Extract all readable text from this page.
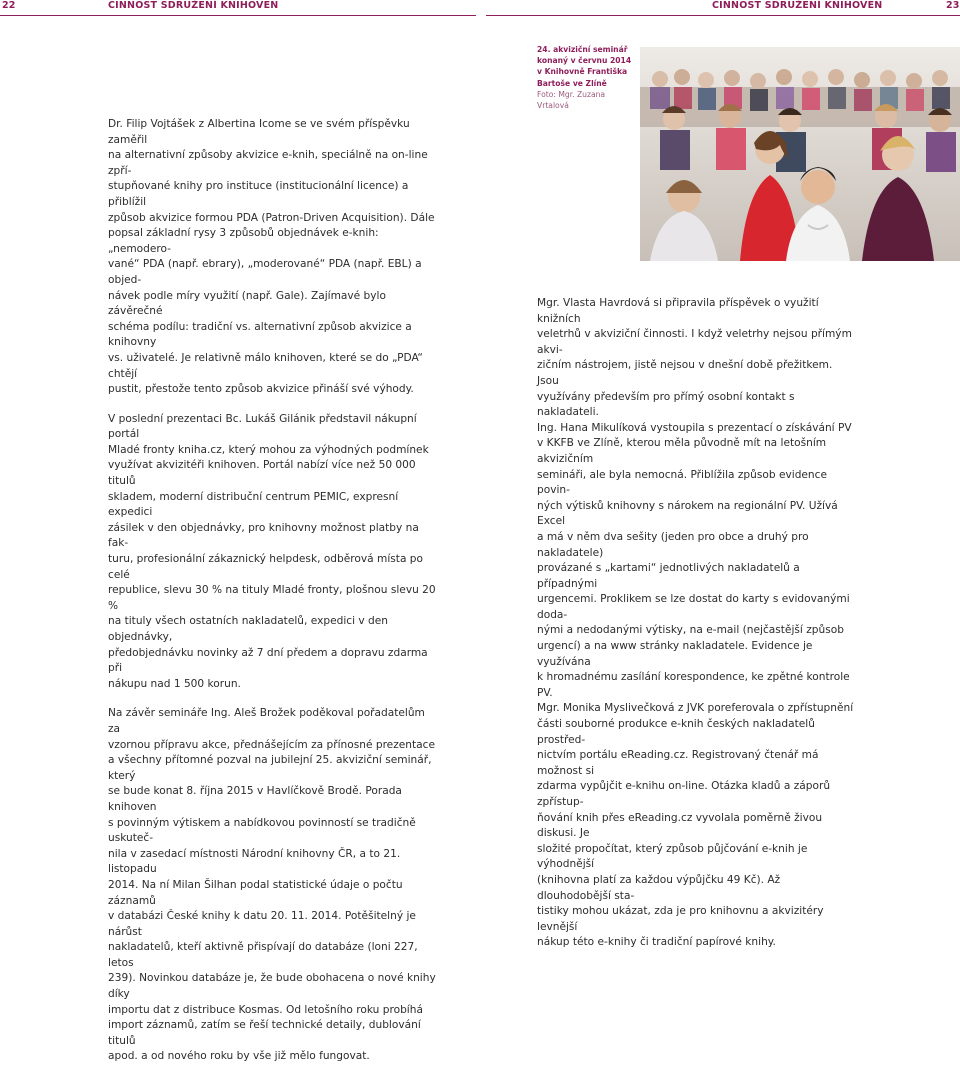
22	ČINNOST SDRUŽENÍ KNIHOVEN	ČINNOST SDRUŽENÍ KNIHOVEN	23

Dr. Filip Vojtášek z Albertina Icome se ve svém příspěvku zaměřil
na alternativní způsoby akvizice e-knih, speciálně na on-line zpří-
stupňované knihy pro instituce (institucionální licence) a přiblížil
způsob akvizice formou PDA (Patron-Driven Acquisition). Dále
popsal základní rysy 3 způsobů objednávek e-knih: „nemodero-
vané“ PDA (např. ebrary), „moderované“ PDA (např. EBL) a objed-
návek podle míry využití (např. Gale). Zajímavé bylo závěrečné
schéma podílu: tradiční vs. alternativní způsob akvizice a knihovny
vs. uživatelé. Je relativně málo knihoven, které se do „PDA“ chtějí
pustit, přestože tento způsob akvizice přináší své výhody.

V poslední prezentaci Bc. Lukáš Gilánik představil nákupní portál
Mladé fronty kniha.cz, který mohou za výhodných podmínek
využívat akvizitéři knihoven. Portál nabízí více než 50 000 titulů
skladem, moderní distribuční centrum PEMIC, expresní expedici
zásilek v den objednávky, pro knihovny možnost platby na fak-
turu, profesionální zákaznický helpdesk, odběrová místa po celé
republice, slevu 30 % na tituly Mladé fronty, plošnou slevu 20 %
na tituly všech ostatních nakladatelů, expedici v den objednávky,
předobjednávku novinky až 7 dní předem a dopravu zdarma při
nákupu nad 1 500 korun.

Na závěr semináře Ing. Aleš Brožek poděkoval pořadatelům za
vzornou přípravu akce, přednášejícím za přínosné prezentace
a všechny přítomné pozval na jubilejní 25. akviziční seminář, který
se bude konat 8. října 2015 v Havlíčkově Brodě. Porada knihoven
s povinným výtiskem a nabídkovou povinností se tradičně uskuteč-
nila v zasedací místnosti Národní knihovny ČR, a to 21. listopadu
2014. Na ní Milan Šilhan podal statistické údaje o počtu záznamů
v databázi České knihy k datu 20. 11. 2014. Potěšitelný je nárůst
nakladatelů, kteří aktivně přispívají do databáze (loni 227, letos
239). Novinkou databáze je, že bude obohacena o nové knihy díky
importu dat z distribuce Kosmas. Od letošního roku probíhá
import záznamů, zatím se řeší technické detaily, dublování titulů
apod. a od nového roku by vše již mělo fungovat.

24. akviziční seminář
konaný v červnu 2014
v Knihovně Františka
Bartoše ve Zlíně
Foto: Mgr. Zuzana
Vrtalová

Mgr. Vlasta Havrdová si připravila příspěvek o využití knižních
veletrhů v akviziční činnosti. I když veletrhy nejsou přímým akvi-
zičním nástrojem, jistě nejsou v dnešní době přežitkem. Jsou
využívány především pro přímý osobní kontakt s nakladateli.
Ing. Hana Mikulíková vystoupila s prezentací o získávání PV
v KKFB ve Zlíně, kterou měla původně mít na letošním akvizičním
semináři, ale byla nemocná. Přiblížila způsob evidence povin-
ných výtisků knihovny s nárokem na regionální PV. Užívá Excel
a má v něm dva sešity (jeden pro obce a druhý pro nakladatele)
provázané s „kartami“ jednotlivých nakladatelů a případnými
urgencemi. Proklikem se lze dostat do karty s evidovanými doda-
nými a nedodanými výtisky, na e-mail (nejčastější způsob
urgencí) a na www stránky nakladatele. Evidence je využívána
k hromadnému zasílání korespondence, ke zpětné kontrole PV.
Mgr. Monika Myslivečková z JVK poreferovala o zpřístupnění
části souborné produkce e-knih českých nakladatelů prostřed-
nictvím portálu eReading.cz. Registrovaný čtenář má možnost si
zdarma vypůjčit e-knihu on-line. Otázka kladů a záporů zpřístup-
ňování knih přes eReading.cz vyvolala poměrně živou diskusi. Je
složité propočítat, který způsob půjčování e-knih je výhodnější
(knihovna platí za každou výpůjčku 49 Kč). Až dlouhodobější sta-
tistiky mohou ukázat, zda je pro knihovnu a akvizitéry levnější
nákup této e-knihy či tradiční papírové knihy.
